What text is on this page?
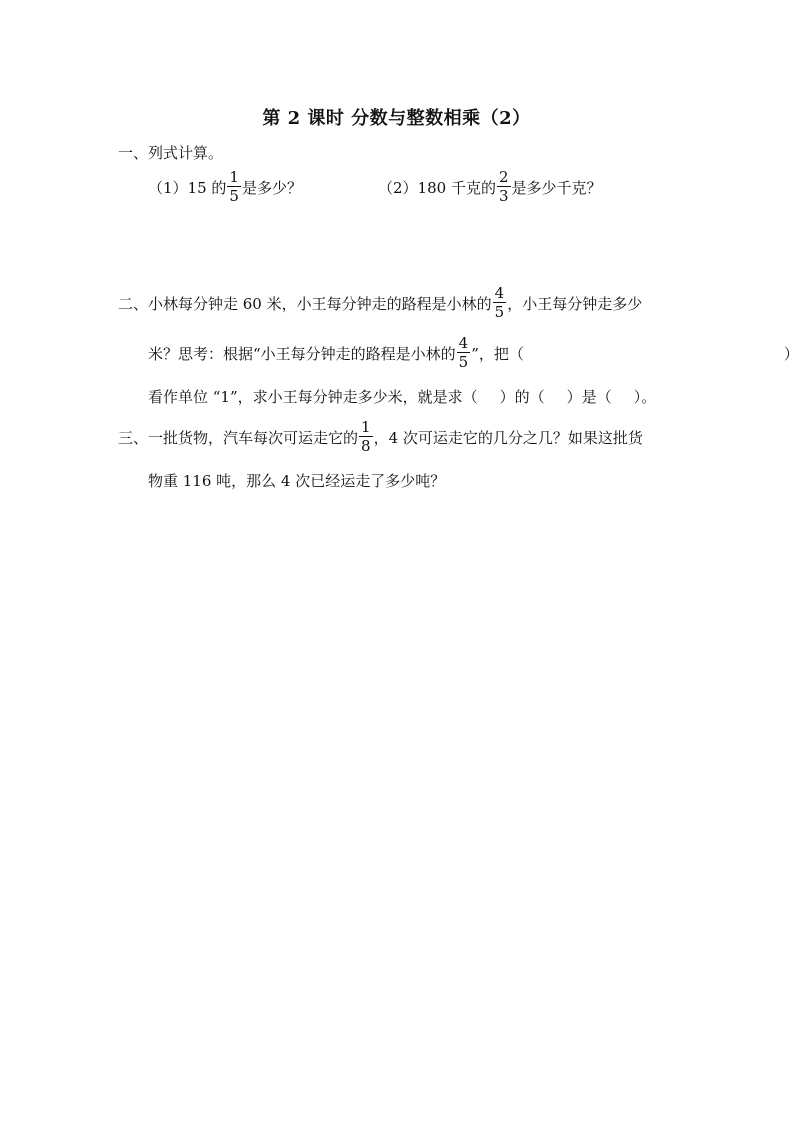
第 2 课时 分数与整数相乘（2）
一、列式计算。
（1）15 的 $\frac{1}{5}$ 是多少？	（2）180 千克的 $\frac{2}{3}$ 是多少千克？
二、小林每分钟走 60 米，小王每分钟走的路程是小林的 $\frac{4}{5}$ ，小王每分钟走多少
米？思考：根据“小王每分钟走的路程是小林的 $\frac{4}{5}$ ”，把（	）
看作单位 “1”，求小王每分钟走多少米，就是求（ ）的（ ）是（ ）。
三、一批货物，汽车每次可运走它的 $\frac{1}{8}$ ，4 次可运走它的几分之几？如果这批货
物重 116 吨，那么 4 次已经运走了多少吨？
